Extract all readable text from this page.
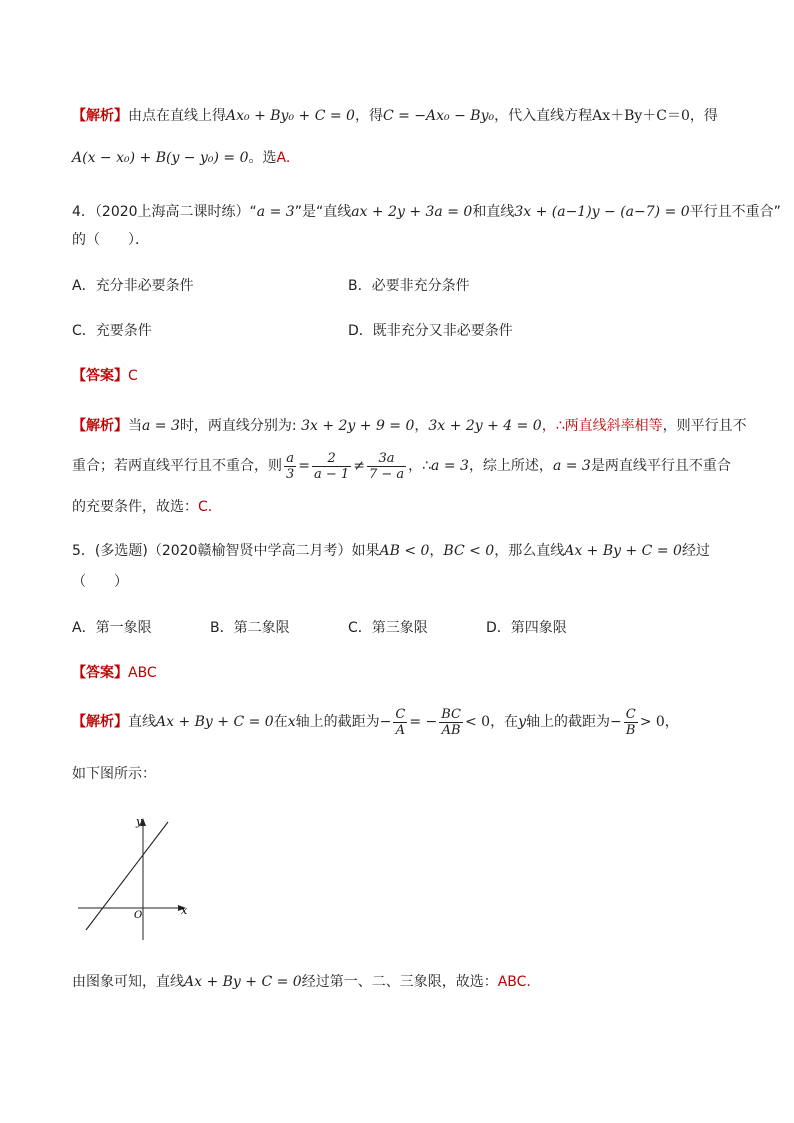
【解析】由点在直线上得Ax₀ + By₀ + C = 0，得C = −Ax₀ − By₀，代入直线方程Ax＋By＋C＝0，得
A(x − x₀) + B(y − y₀) = 0。选A.
4．（2020上海高二课时练）“a = 3”是“直线ax + 2y + 3a = 0和直线3x + (a−1)y − (a−7) = 0平行且不重合”
的（　　）．
A．充分非必要条件	B．必要非充分条件
C．充要条件	D．既非充分又非必要条件
【答案】C
【解析】当a = 3时，两直线分别为: 3x + 2y + 9 = 0，3x + 2y + 4 = 0，∴两直线斜率相等，则平行且不
重合；若两直线平行且不重合，则 $\frac{a}{3} = \frac{2}{a - 1} \ne \frac{3a}{7 - a}$ ，∴a = 3，综上所述，a = 3是两直线平行且不重合
的充要条件，故选：C.
5．(多选题)（2020赣榆智贤中学高二月考）如果AB < 0，BC < 0，那么直线Ax + By + C = 0经过
（　　）
A．第一象限	B．第二象限	C．第三象限	D．第四象限
【答案】ABC
【解析】直线Ax + By + C = 0在x轴上的截距为− $\frac{C}{A}$ = − $\frac{BC}{AB} < 0$，在y轴上的截距为− $\frac{C}{B} > 0$，
如下图所示：
y
x
O
由图象可知，直线Ax + By + C = 0经过第一、二、三象限，故选：ABC.
